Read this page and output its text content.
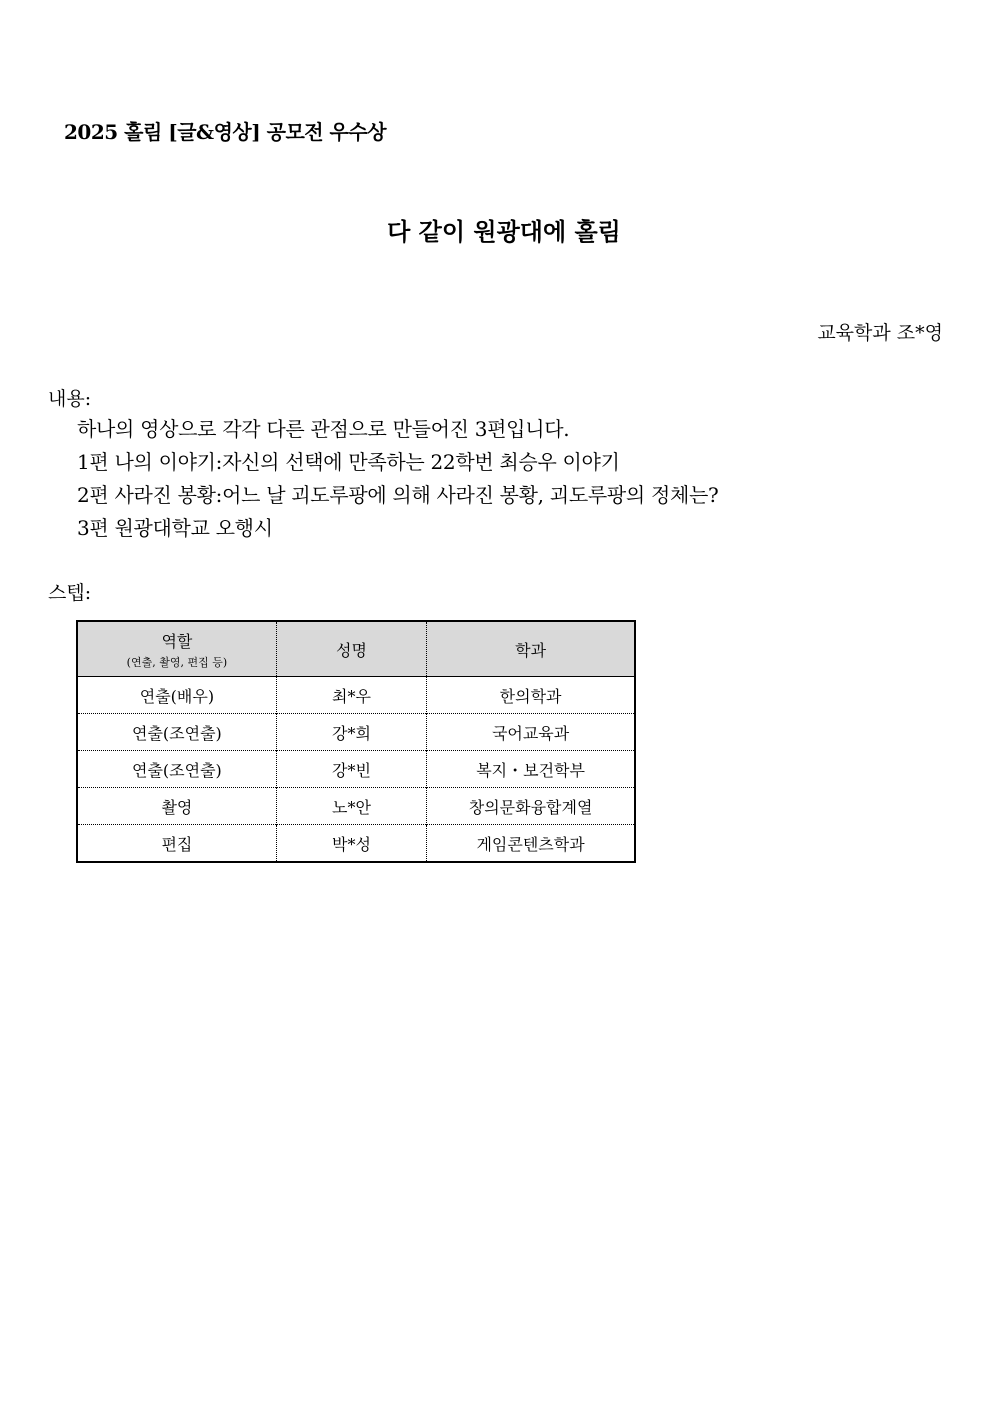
2025 홀림 [글&영상] 공모전 우수상
다 같이 원광대에 홀림
교육학과 조*영
내용:
하나의 영상으로 각각 다른 관점으로 만들어진 3편입니다.
1편 나의 이야기:자신의 선택에 만족하는 22학번 최승우 이야기
2편 사라진 봉황:어느 날 괴도루팡에 의해 사라진 봉황, 괴도루팡의 정체는?
3편 원광대학교 오행시
스텝:
역할
(연출, 촬영, 편집 등)	성명	학과
연출(배우)	최*우	한의학과
연출(조연출)	강*희	국어교육과
연출(조연출)	강*빈	복지・보건학부
촬영	노*안	창의문화융합계열
편집	박*성	게임콘텐츠학과
